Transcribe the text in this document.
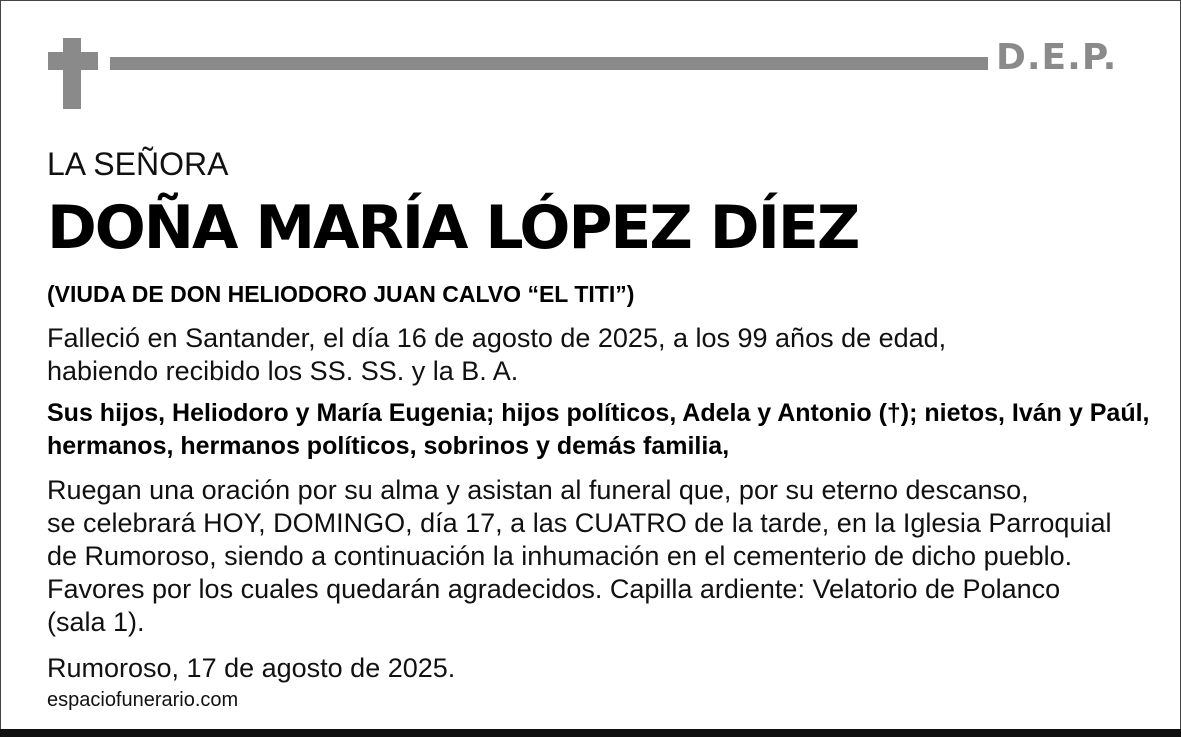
D.E.P.
LA SEÑORA
DOÑA MARÍA LÓPEZ DÍEZ
(VIUDA DE DON HELIODORO JUAN CALVO “EL TITI”)
Falleció en Santander, el día 16 de agosto de 2025, a los 99 años de edad,
habiendo recibido los SS. SS. y la B. A.
Sus hijos, Heliodoro y María Eugenia; hijos políticos, Adela y Antonio (†); nietos, Iván y Paúl,
hermanos, hermanos políticos, sobrinos y demás familia,
Ruegan una oración por su alma y asistan al funeral que, por su eterno descanso,
se celebrará HOY, DOMINGO, día 17, a las CUATRO de la tarde, en la Iglesia Parroquial
de Rumoroso, siendo a continuación la inhumación en el cementerio de dicho pueblo.
Favores por los cuales quedarán agradecidos. Capilla ardiente: Velatorio de Polanco
(sala 1).
Rumoroso, 17 de agosto de 2025.
espaciofunerario.com
